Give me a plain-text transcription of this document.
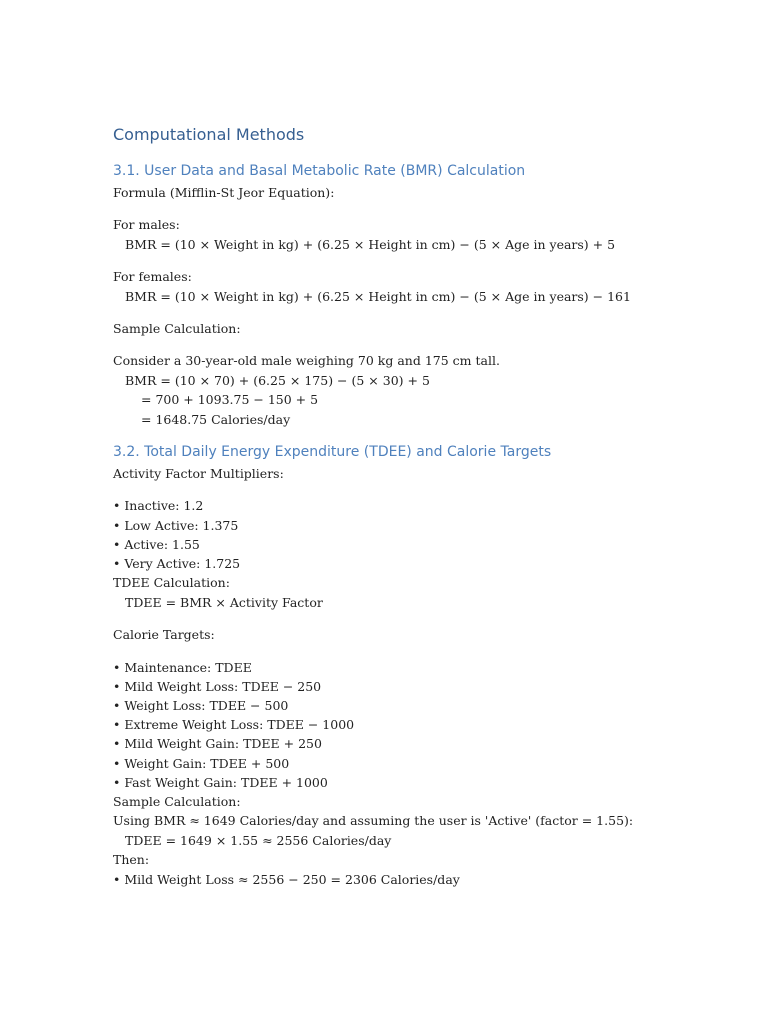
Computational Methods
3.1. User Data and Basal Metabolic Rate (BMR) Calculation

Formula (Mifflin-St Jeor Equation):

For males:

BMR = (10 × Weight in kg) + (6.25 × Height in cm) − (5 × Age in years) + 5

For females:

BMR = (10 × Weight in kg) + (6.25 × Height in cm) − (5 × Age in years) − 161

Sample Calculation:

Consider a 30-year-old male weighing 70 kg and 175 cm tall.

BMR = (10 × 70) + (6.25 × 175) − (5 × 30) + 5

= 700 + 1093.75 − 150 + 5

= 1648.75 Calories/day

3.2. Total Daily Energy Expenditure (TDEE) and Calorie Targets

Activity Factor Multipliers:

• Inactive: 1.2
• Low Active: 1.375
• Active: 1.55
• Very Active: 1.725

TDEE Calculation:

TDEE = BMR × Activity Factor

Calorie Targets:

• Maintenance: TDEE
• Mild Weight Loss: TDEE − 250
• Weight Loss: TDEE − 500
• Extreme Weight Loss: TDEE − 1000
• Mild Weight Gain: TDEE + 250
• Weight Gain: TDEE + 500
• Fast Weight Gain: TDEE + 1000

Sample Calculation:

Using BMR ≈ 1649 Calories/day and assuming the user is 'Active' (factor = 1.55):

TDEE = 1649 × 1.55 ≈ 2556 Calories/day

Then:

• Mild Weight Loss ≈ 2556 − 250 = 2306 Calories/day
